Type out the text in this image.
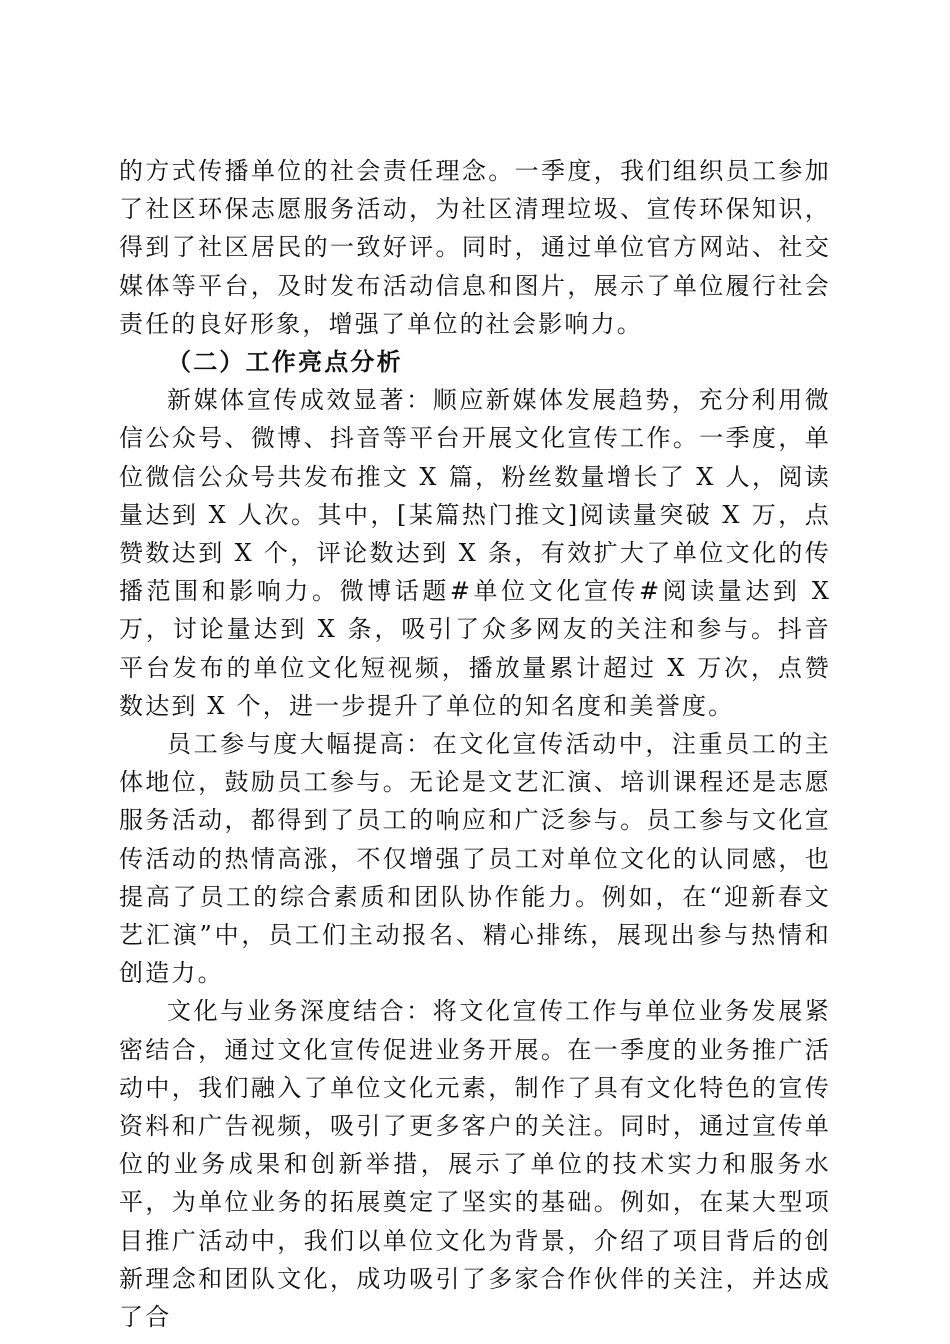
的方式传播单位的社会责任理念。一季度，我们组织员工参加了社区环保志愿服务活动，为社区清理垃圾、宣传环保知识，得到了社区居民的一致好评。同时，通过单位官方网站、社交媒体等平台，及时发布活动信息和图片，展示了单位履行社会责任的良好形象，增强了单位的社会影响力。

（二）工作亮点分析

新媒体宣传成效显著：顺应新媒体发展趋势，充分利用微信公众号、微博、抖音等平台开展文化宣传工作。一季度，单位微信公众号共发布推文 X 篇，粉丝数量增长了 X 人，阅读量达到 X 人次。其中，[某篇热门推文]阅读量突破 X 万，点赞数达到 X 个，评论数达到 X 条，有效扩大了单位文化的传播范围和影响力。微博话题#单位文化宣传#阅读量达到 X 万，讨论量达到 X 条，吸引了众多网友的关注和参与。抖音平台发布的单位文化短视频，播放量累计超过 X 万次，点赞数达到 X 个，进一步提升了单位的知名度和美誉度。

员工参与度大幅提高：在文化宣传活动中，注重员工的主体地位，鼓励员工参与。无论是文艺汇演、培训课程还是志愿服务活动，都得到了员工的响应和广泛参与。员工参与文化宣传活动的热情高涨，不仅增强了员工对单位文化的认同感，也提高了员工的综合素质和团队协作能力。例如，在“迎新春文艺汇演”中，员工们主动报名、精心排练，展现出参与热情和创造力。

文化与业务深度结合：将文化宣传工作与单位业务发展紧密结合，通过文化宣传促进业务开展。在一季度的业务推广活动中，我们融入了单位文化元素，制作了具有文化特色的宣传资料和广告视频，吸引了更多客户的关注。同时，通过宣传单位的业务成果和创新举措，展示了单位的技术实力和服务水平，为单位业务的拓展奠定了坚实的基础。例如，在某大型项目推广活动中，我们以单位文化为背景，介绍了项目背后的创新理念和团队文化，成功吸引了多家合作伙伴的关注，并达成了合
